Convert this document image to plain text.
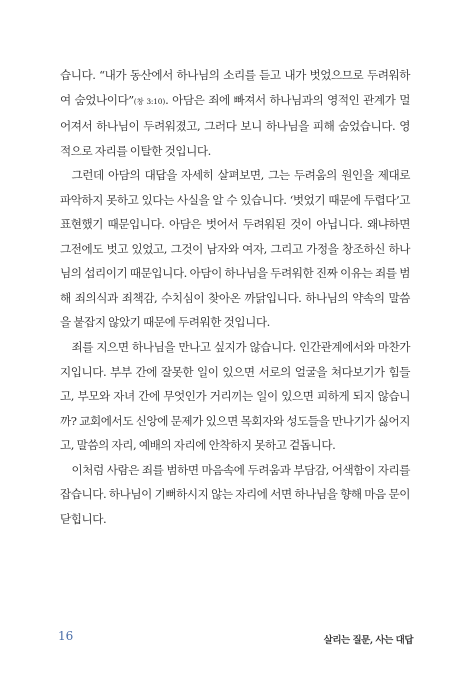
습니다. “내가 동산에서 하나님의 소리를 듣고 내가 벗었으므로 두려워하여 숨었나이다”(창 3:10). 아담은 죄에 빠져서 하나님과의 영적인 관계가 멀어져서 하나님이 두려워졌고, 그러다 보니 하나님을 피해 숨었습니다. 영적으로 자리를 이탈한 것입니다.

그런데 아담의 대답을 자세히 살펴보면, 그는 두려움의 원인을 제대로 파악하지 못하고 있다는 사실을 알 수 있습니다. ‘벗었기 때문에 두렵다’고 표현했기 때문입니다. 아담은 벗어서 두려워된 것이 아닙니다. 왜냐하면 그전에도 벗고 있었고, 그것이 남자와 여자, 그리고 가정을 창조하신 하나님의 섭리이기 때문입니다. 아담이 하나님을 두려워한 진짜 이유는 죄를 범해 죄의식과 죄책감, 수치심이 찾아온 까닭입니다. 하나님의 약속의 말씀을 붙잡지 않았기 때문에 두려워한 것입니다.

죄를 지으면 하나님을 만나고 싶지가 않습니다. 인간관계에서와 마찬가지입니다. 부부 간에 잘못한 일이 있으면 서로의 얼굴을 쳐다보기가 힘들고, 부모와 자녀 간에 무엇인가 거리끼는 일이 있으면 피하게 되지 않습니까? 교회에서도 신앙에 문제가 있으면 목회자와 성도들을 만나기가 싫어지고, 말씀의 자리, 예배의 자리에 안착하지 못하고 겉돕니다.

이처럼 사람은 죄를 범하면 마음속에 두려움과 부담감, 어색함이 자리를 잡습니다. 하나님이 기뻐하시지 않는 자리에 서면 하나님을 향해 마음 문이 닫힙니다.

16	살리는 질문, 사는 대답
